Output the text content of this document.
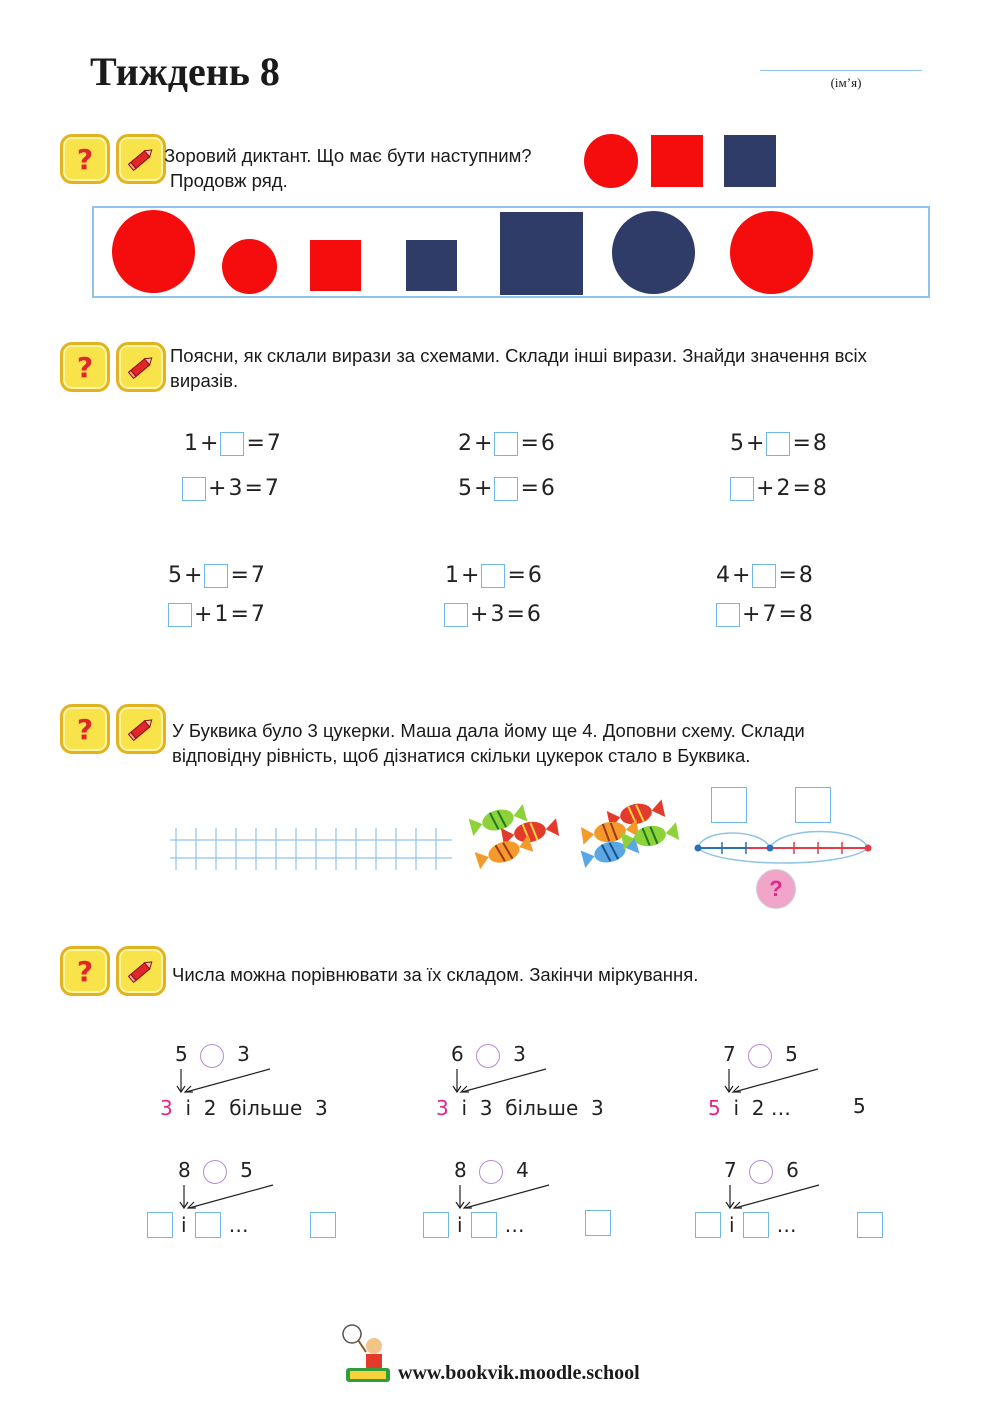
Тиждень 8	(ім’я)
?	Зоровий диктант. Що має бути наступним?
Продовж ряд.
?	Поясни, як склали вирази за схемами. Склади інші вирази. Знайди значення всіх
виразів.
1 + = 7
+ 3 = 7
2 + = 6
5 + = 6
5 + = 8
+ 2 = 8
5 + = 7
+ 1 = 7
1 + = 6
+ 3 = 6
4 + = 8
+ 7 = 8
?	У Буквика було 3 цукерки. Маша дала йому ще 4. Доповни схему. Склади
відповідну рівність, щоб дізнатися скільки цукерок стало в Буквика.
?
?	Числа можна порівнювати за їх складом. Закінчи міркування.
5 3
3 і 2 більше 3
6 3
3 і 3 більше 3
7 5
5 і 2 …	5
8 5
і …
8 4
і …
7 6
і …
www.bookvik.moodle.school
